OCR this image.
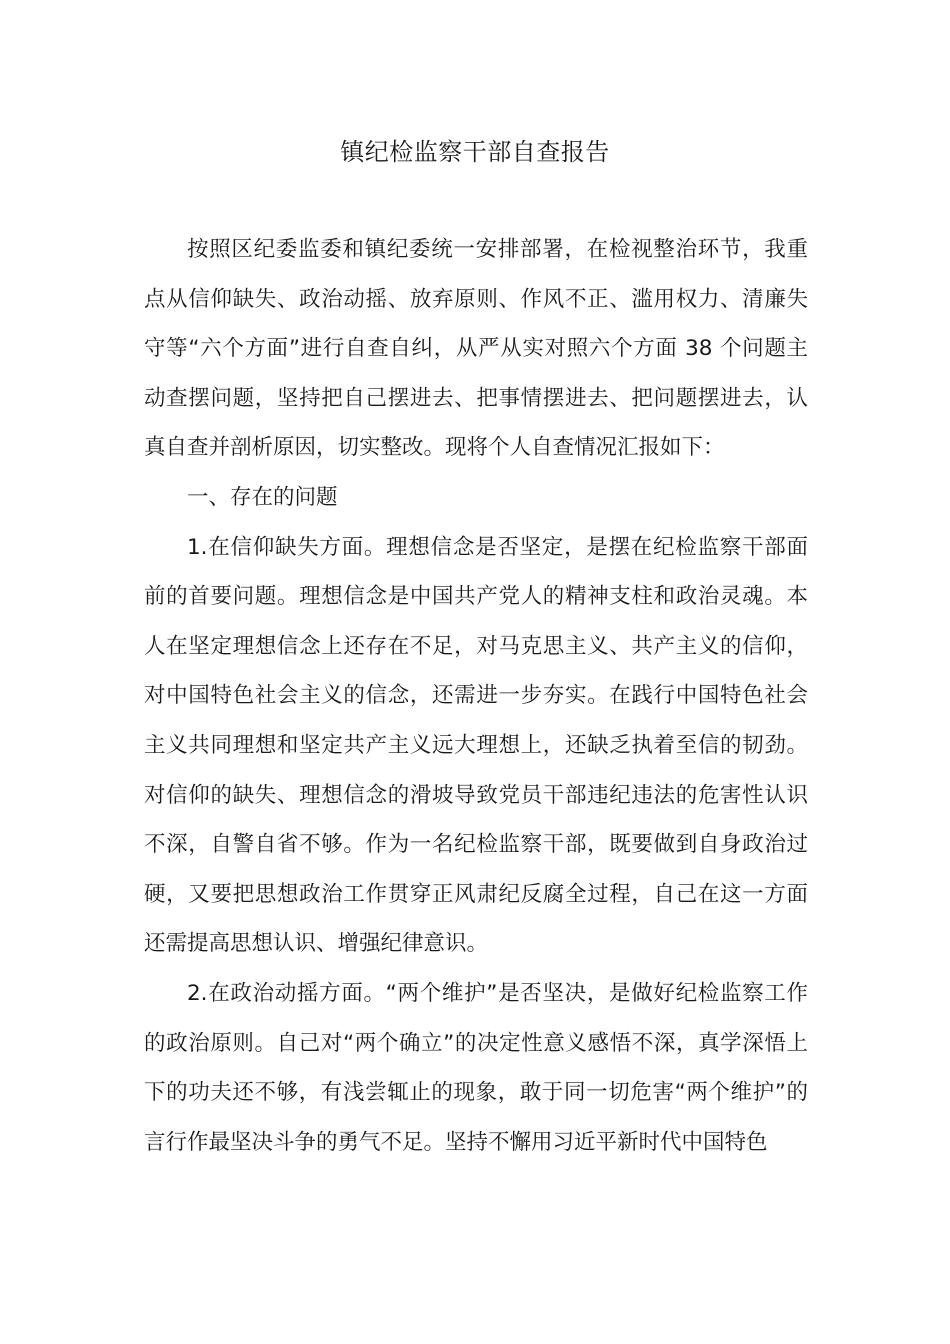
镇纪检监察干部自查报告

按照区纪委监委和镇纪委统一安排部署，在检视整治环节，我重点从信仰缺失、政治动摇、放弃原则、作风不正、滥用权力、清廉失守等“六个方面”进行自查自纠，从严从实对照六个方面 38 个问题主动查摆问题，坚持把自己摆进去、把事情摆进去、把问题摆进去，认真自查并剖析原因，切实整改。现将个人自查情况汇报如下：

一、存在的问题

1.在信仰缺失方面。理想信念是否坚定，是摆在纪检监察干部面前的首要问题。理想信念是中国共产党人的精神支柱和政治灵魂。本人在坚定理想信念上还存在不足，对马克思主义、共产主义的信仰，对中国特色社会主义的信念，还需进一步夯实。在践行中国特色社会主义共同理想和坚定共产主义远大理想上，还缺乏执着至信的韧劲。对信仰的缺失、理想信念的滑坡导致党员干部违纪违法的危害性认识不深，自警自省不够。作为一名纪检监察干部，既要做到自身政治过硬，又要把思想政治工作贯穿正风肃纪反腐全过程，自己在这一方面还需提高思想认识、增强纪律意识。

2.在政治动摇方面。“两个维护”是否坚决，是做好纪检监察工作的政治原则。自己对“两个确立”的决定性意义感悟不深，真学深悟上下的功夫还不够，有浅尝辄止的现象，敢于同一切危害“两个维护”的言行作最坚决斗争的勇气不足。坚持不懈用习近平新时代中国特色
